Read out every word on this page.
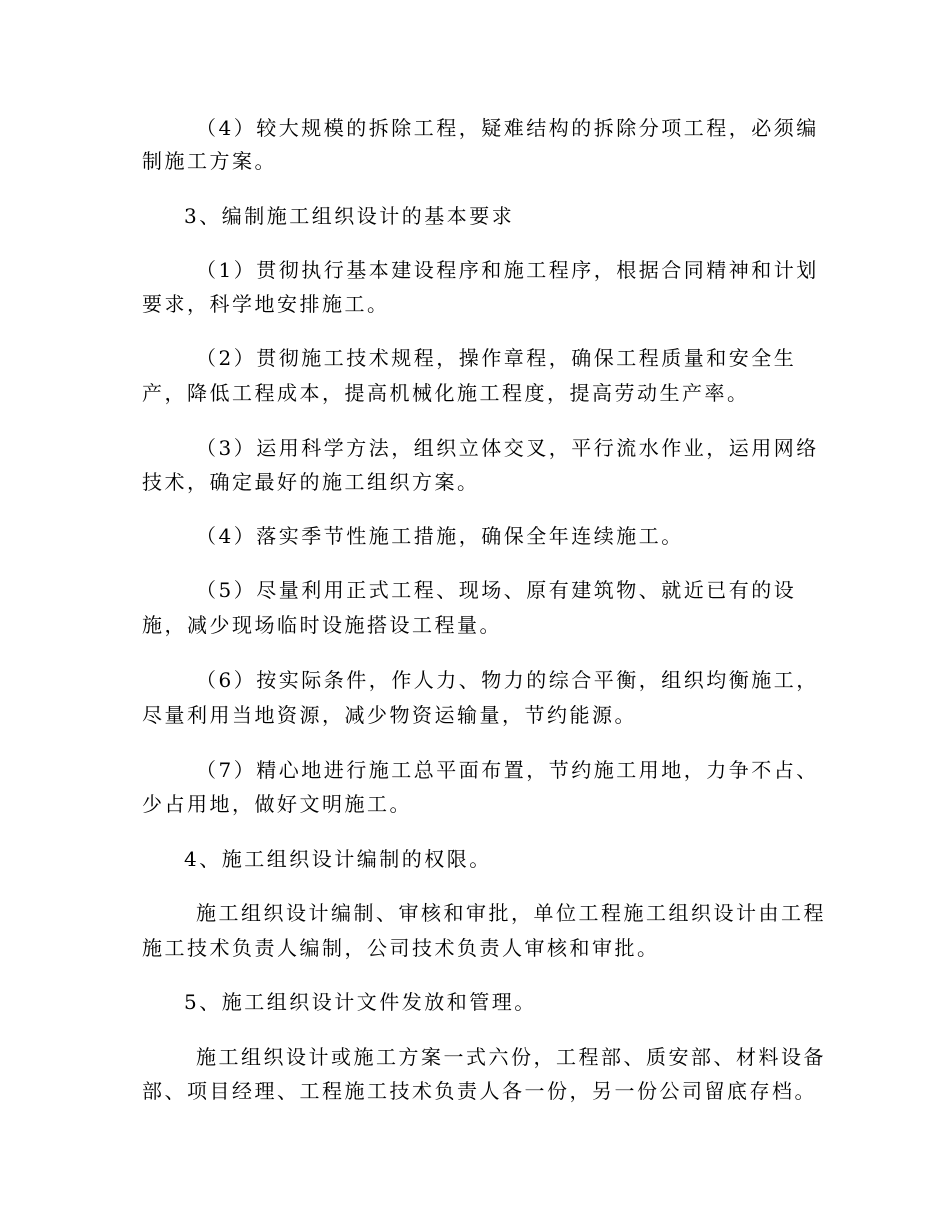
（4）较大规模的拆除工程，疑难结构的拆除分项工程，必须编

制施工方案。

3、编制施工组织设计的基本要求

（1）贯彻执行基本建设程序和施工程序，根据合同精神和计划

要求，科学地安排施工。

（2）贯彻施工技术规程，操作章程，确保工程质量和安全生

产，降低工程成本，提高机械化施工程度，提高劳动生产率。

（3）运用科学方法，组织立体交叉，平行流水作业，运用网络

技术，确定最好的施工组织方案。

（4）落实季节性施工措施，确保全年连续施工。

（5）尽量利用正式工程、现场、原有建筑物、就近已有的设

施，减少现场临时设施搭设工程量。

（6）按实际条件，作人力、物力的综合平衡，组织均衡施工，

尽量利用当地资源，减少物资运输量，节约能源。

（7）精心地进行施工总平面布置，节约施工用地，力争不占、

少占用地，做好文明施工。

4、施工组织设计编制的权限。

施工组织设计编制、审核和审批，单位工程施工组织设计由工程

施工技术负责人编制，公司技术负责人审核和审批。

5、施工组织设计文件发放和管理。

施工组织设计或施工方案一式六份，工程部、质安部、材料设备

部、项目经理、工程施工技术负责人各一份，另一份公司留底存档。
